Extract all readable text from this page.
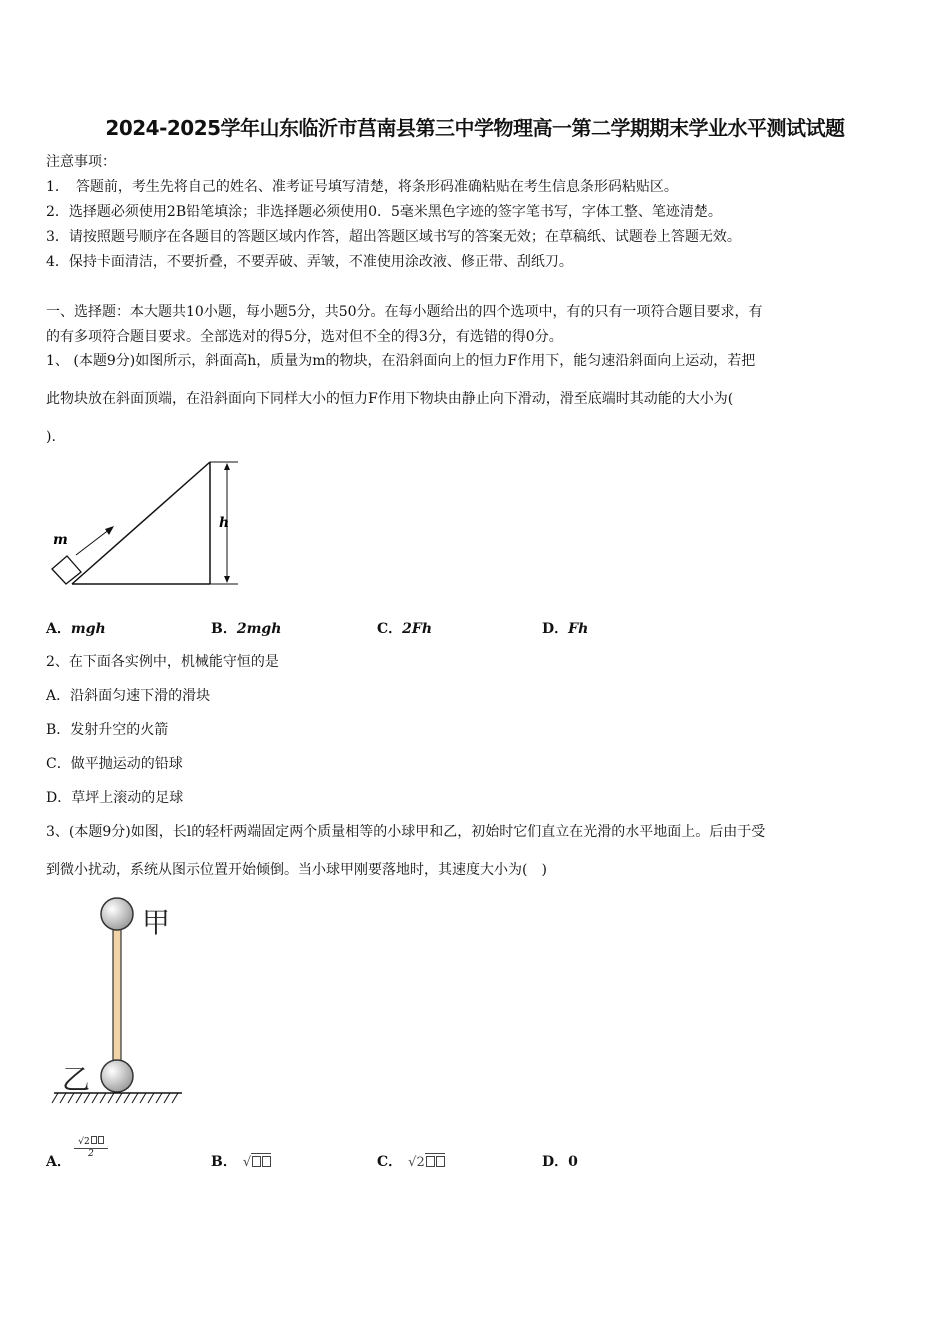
2024-2025学年山东临沂市莒南县第三中学物理高一第二学期期末学业水平测试试题
注意事项：
1．　答题前，考生先将自己的姓名、准考证号填写清楚，将条形码准确粘贴在考生信息条形码粘贴区。
2．选择题必须使用2B铅笔填涂；非选择题必须使用0．5毫米黑色字迹的签字笔书写，字体工整、笔迹清楚。
3．请按照题号顺序在各题目的答题区域内作答，超出答题区域书写的答案无效；在草稿纸、试题卷上答题无效。
4．保持卡面清洁，不要折叠，不要弄破、弄皱，不准使用涂改液、修正带、刮纸刀。
一、选择题：本大题共10小题，每小题5分，共50分。在每小题给出的四个选项中，有的只有一项符合题目要求，有
的有多项符合题目要求。全部选对的得5分，选对但不全的得3分，有选错的得0分。
1、 (本题9分)如图所示，斜面高h，质量为m的物块，在沿斜面向上的恒力F作用下，能匀速沿斜面向上运动，若把
此物块放在斜面顶端，在沿斜面向下同样大小的恒力F作用下物块由静止向下滑动，滑至底端时其动能的大小为(
).
m
h
A．mgh	B．2mgh	C．2Fh	D．Fh
2、在下面各实例中，机械能守恒的是
A．沿斜面匀速下滑的滑块
B．发射升空的火箭
C．做平抛运动的铅球
D．草坪上滚动的足球
3、(本题9分)如图，长l的轻杆两端固定两个质量相等的小球甲和乙，初始时它们直立在光滑的水平地面上。后由于受
到微小扰动，系统从图示位置开始倾倒。当小球甲刚要落地时，其速度大小为(　)
甲
乙
A．
√2
2	B． √	C． √2	D．0
